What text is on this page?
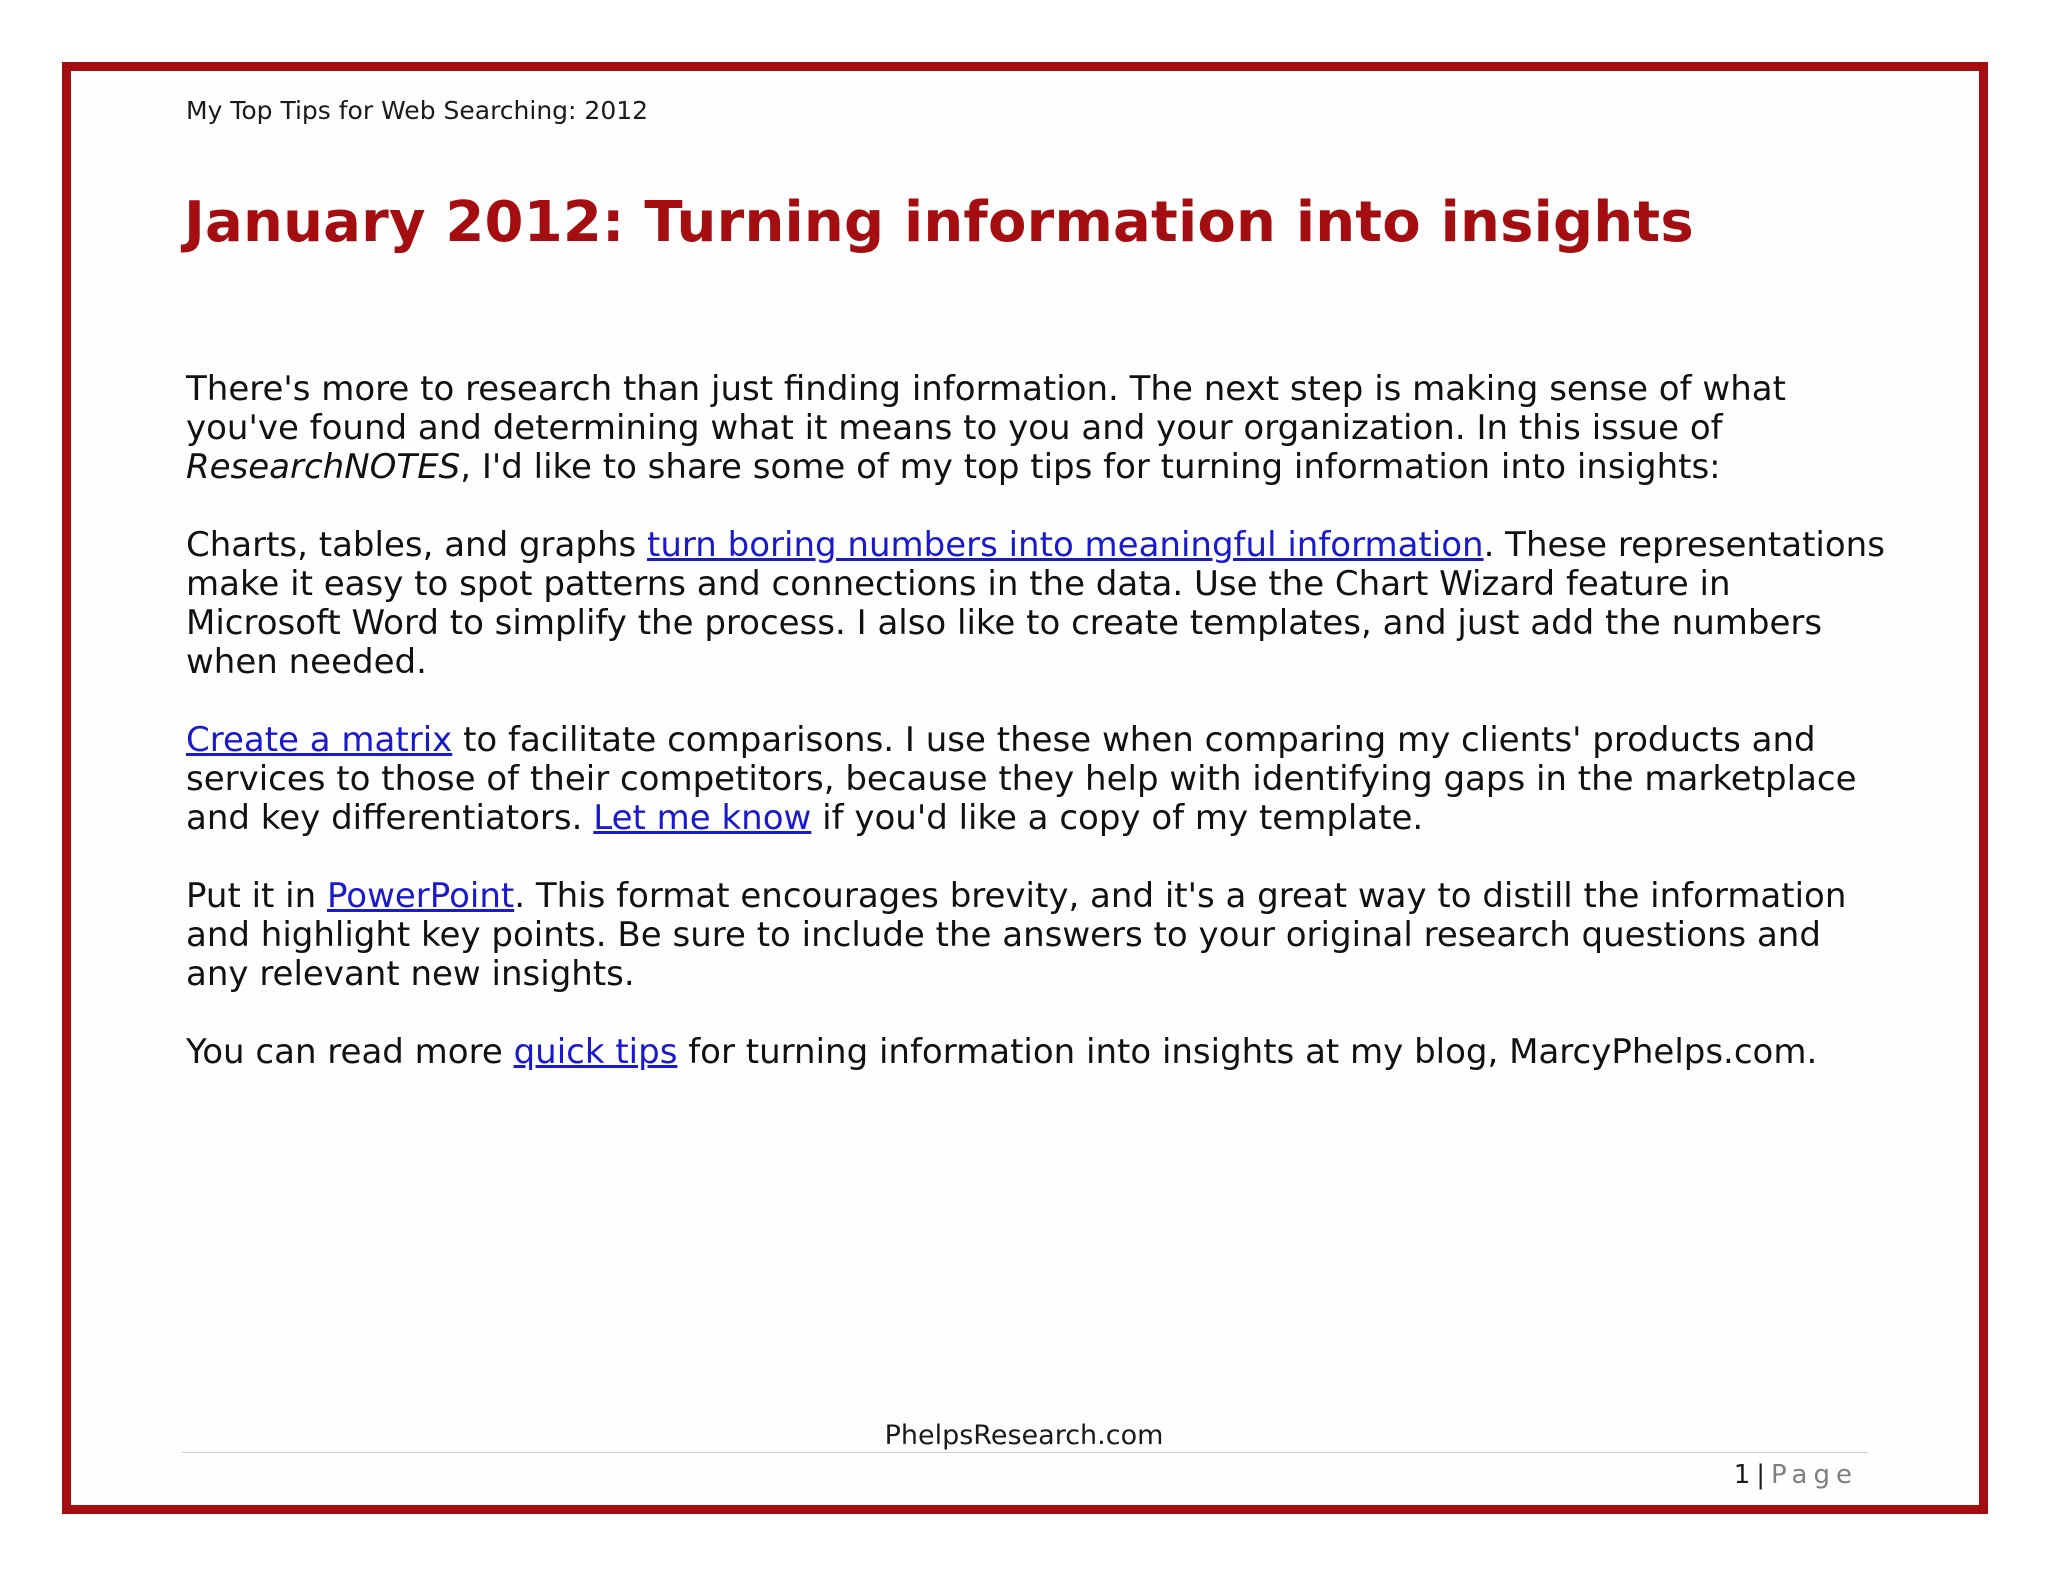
My Top Tips for Web Searching: 2012
January 2012: Turning information into insights

There's more to research than just finding information. The next step is making sense of what you've found and determining what it means to you and your organization. In this issue of ResearchNOTES, I'd like to share some of my top tips for turning information into insights:

Charts, tables, and graphs turn boring numbers into meaningful information. These representations make it easy to spot patterns and connections in the data. Use the Chart Wizard feature in Microsoft Word to simplify the process. I also like to create templates, and just add the numbers when needed.

Create a matrix to facilitate comparisons. I use these when comparing my clients' products and services to those of their competitors, because they help with identifying gaps in the marketplace and key differentiators. Let me know if you'd like a copy of my template.

Put it in PowerPoint. This format encourages brevity, and it's a great way to distill the information and highlight key points. Be sure to include the answers to your original research questions and any relevant new insights.

You can read more quick tips for turning information into insights at my blog, MarcyPhelps.com.

PhelpsResearch.com
1 | Page
